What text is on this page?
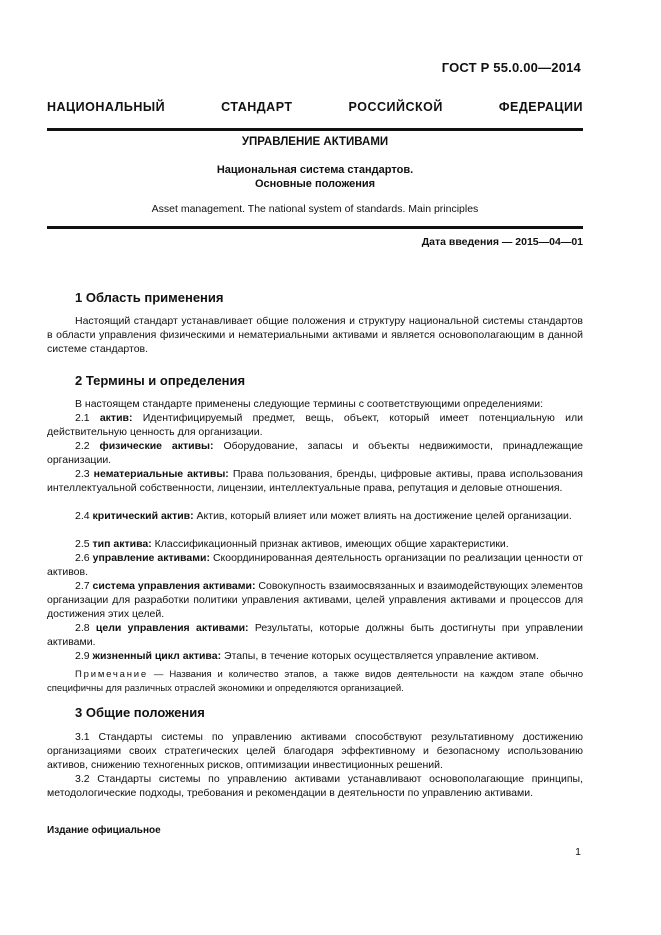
ГОСТ Р 55.0.00—2014
НАЦИОНАЛЬНЫЙ СТАНДАРТ РОССИЙСКОЙ ФЕДЕРАЦИИ
УПРАВЛЕНИЕ АКТИВАМИ
Национальная система стандартов.
Основные положения
Asset management. The national system of standards. Main principles
Дата введения — 2015—04—01
1 Область применения
Настоящий стандарт устанавливает общие положения и структуру национальной системы стандартов в области управления физическими и нематериальными активами и является основополагающим в данной системе стандартов.
2 Термины и определения
В настоящем стандарте применены следующие термины с соответствующими определениями:
2.1 актив: Идентифицируемый предмет, вещь, объект, который имеет потенциальную или действительную ценность для организации.
2.2 физические активы: Оборудование, запасы и объекты недвижимости, принадлежащие организации.
2.3 нематериальные активы: Права пользования, бренды, цифровые активы, права использования интеллектуальной собственности, лицензии, интеллектуальные права, репутация и деловые отношения.
2.4 критический актив: Актив, который влияет или может влиять на достижение целей организации.
2.5 тип актива: Классификационный признак активов, имеющих общие характеристики.
2.6 управление активами: Скоординированная деятельность организации по реализации ценности от активов.
2.7 система управления активами: Совокупность взаимосвязанных и взаимодействующих элементов организации для разработки политики управления активами, целей управления активами и процессов для достижения этих целей.
2.8 цели управления активами: Результаты, которые должны быть достигнуты при управлении активами.
2.9 жизненный цикл актива: Этапы, в течение которых осуществляется управление активом.
Примечание — Названия и количество этапов, а также видов деятельности на каждом этапе обычно специфичны для различных отраслей экономики и определяются организацией.
3 Общие положения
3.1 Стандарты системы по управлению активами способствуют результативному достижению организациями своих стратегических целей благодаря эффективному и безопасному использованию активов, снижению техногенных рисков, оптимизации инвестиционных решений.
3.2 Стандарты системы по управлению активами устанавливают основополагающие принципы, методологические подходы, требования и рекомендации в деятельности по управлению активами.
Издание официальное
1
